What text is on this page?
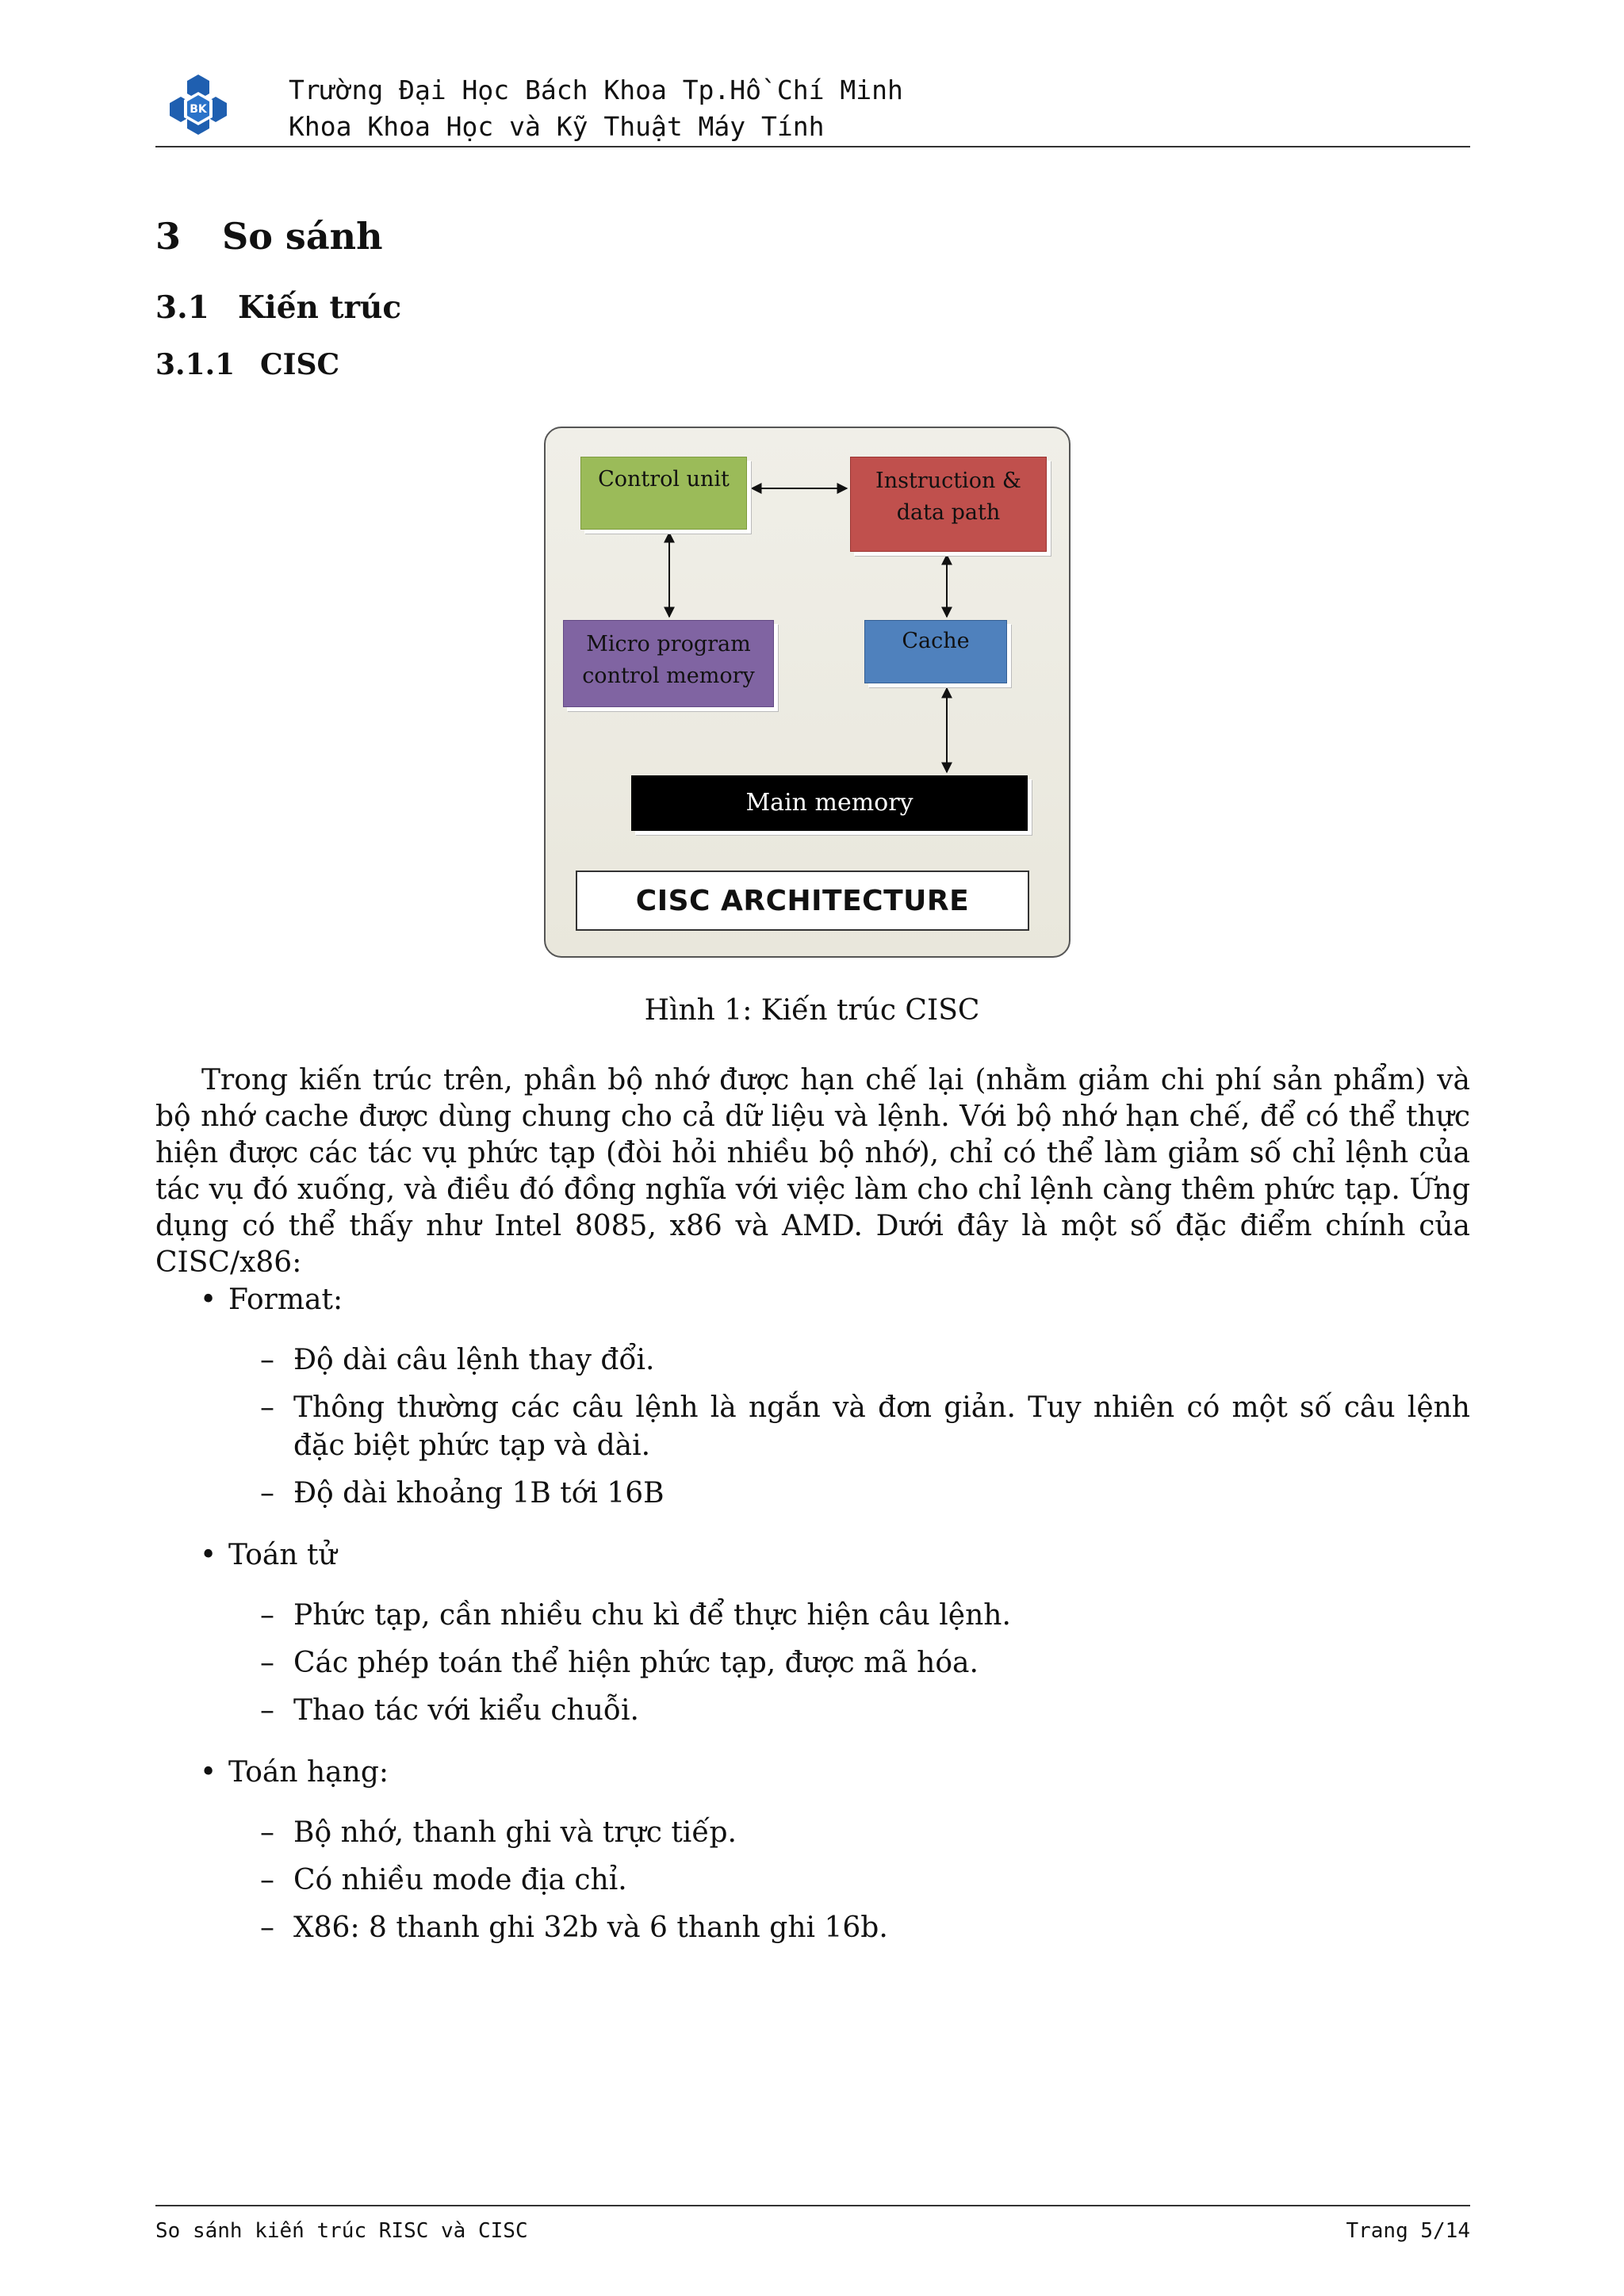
BK
Trường Đại Học Bách Khoa Tp.Hồ Chí Minh
Khoa Khoa Học và Kỹ Thuật Máy Tính
3 So sánh
3.1 Kiến trúc
3.1.1 CISC
Control unit	Instruction &
data path
Micro program
control memory
Cache
Main memory
CISC ARCHITECTURE
Hình 1: Kiến trúc CISC

Trong kiến trúc trên, phần bộ nhớ được hạn chế lại (nhằm giảm chi phí sản phẩm) và bộ nhớ cache được dùng chung cho cả dữ liệu và lệnh. Với bộ nhớ hạn chế, để có thể thực hiện được các tác vụ phức tạp (đòi hỏi nhiều bộ nhớ), chỉ có thể làm giảm số chỉ lệnh của tác vụ đó xuống, và điều đó đồng nghĩa với việc làm cho chỉ lệnh càng thêm phức tạp. Ứng dụng có thể thấy như Intel 8085, x86 và AMD. Dưới đây là một số đặc điểm chính của CISC/x86:

• Format:
– Độ dài câu lệnh thay đổi.
– Thông thường các câu lệnh là ngắn và đơn giản. Tuy nhiên có một số câu lệnh đặc biệt phức tạp và dài.
– Độ dài khoảng 1B tới 16B
• Toán tử
– Phức tạp, cần nhiều chu kì để thực hiện câu lệnh.
– Các phép toán thể hiện phức tạp, được mã hóa.
– Thao tác với kiểu chuỗi.
• Toán hạng:
– Bộ nhớ, thanh ghi và trực tiếp.
– Có nhiều mode địa chỉ.
– X86: 8 thanh ghi 32b và 6 thanh ghi 16b.
So sánh kiến trúc RISC và CISC	Trang 5/14
